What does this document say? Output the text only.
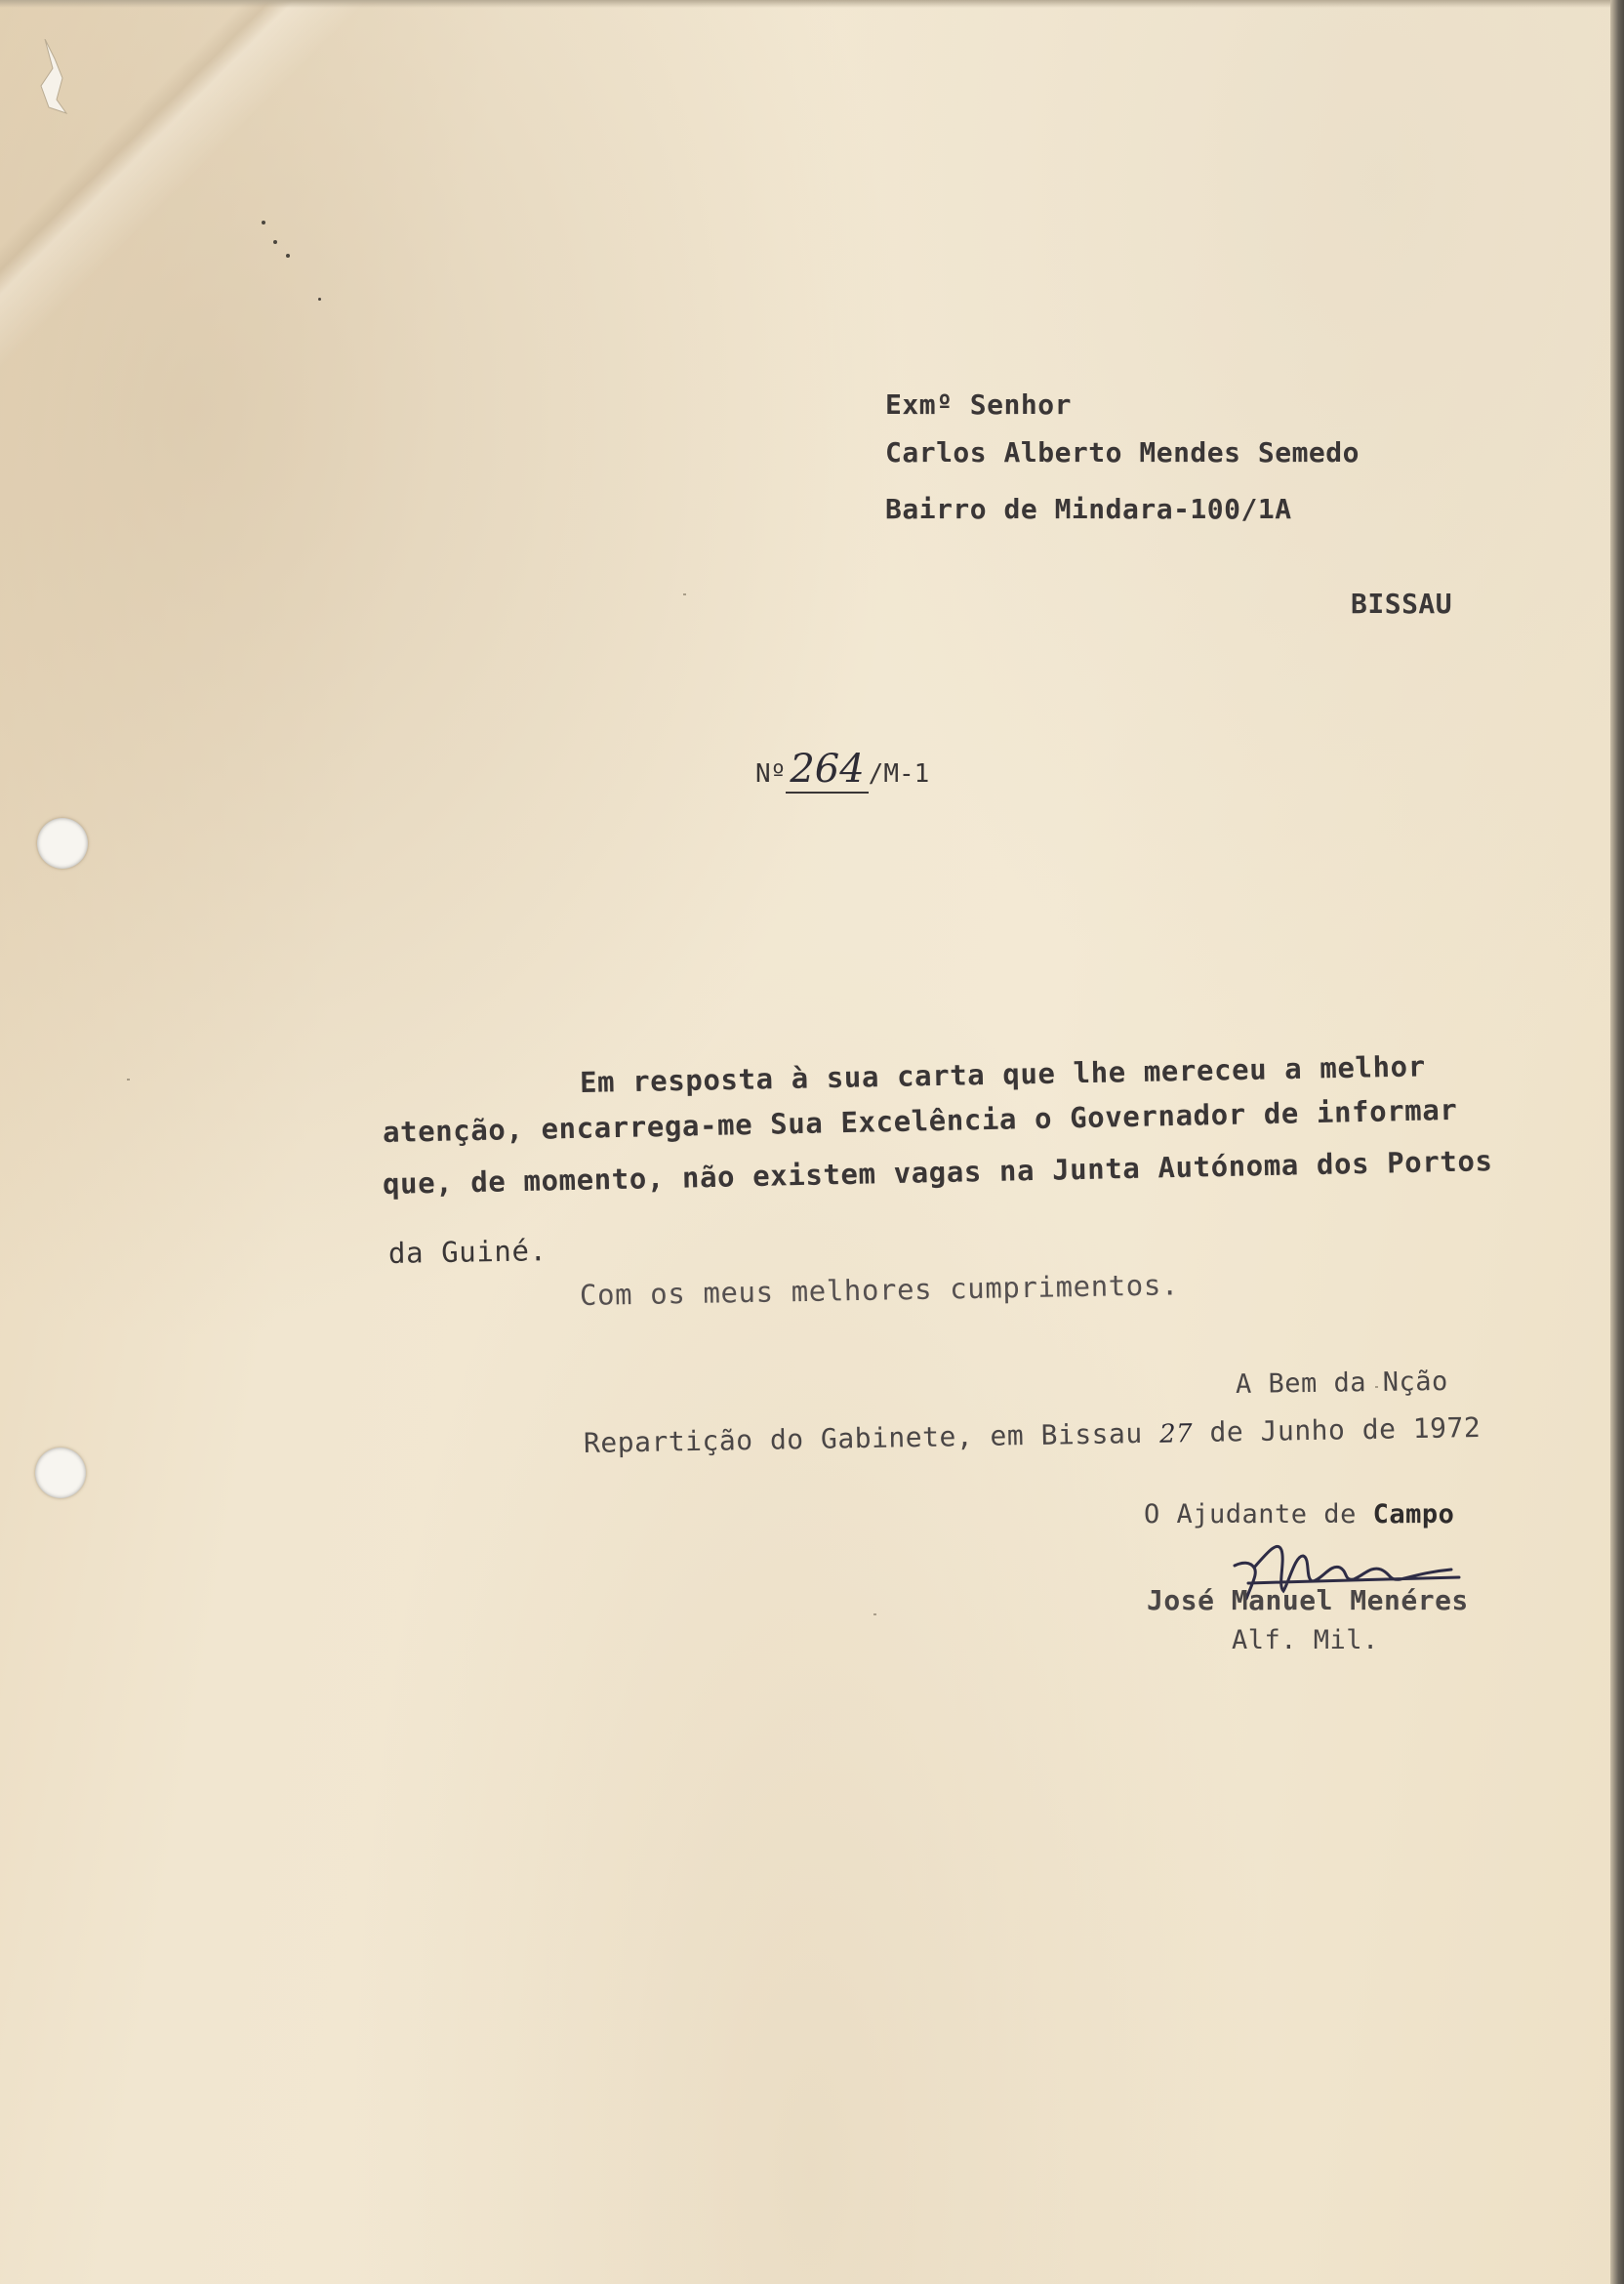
Exmº Senhor

Carlos Alberto Mendes Semedo

Bairro de Mindara-100/1A

BISSAU

Nº 264 /M-1

Em resposta à sua carta que lhe mereceu a melhor

atenção, encarrega-me Sua Excelência o Governador de informar

que, de momento, não existem vagas na Junta Autónoma dos Portos

da Guiné.

Com os meus melhores cumprimentos.

A Bem da Nção

Repartição do Gabinete, em Bissau 27 de Junho de 1972

O Ajudante de Campo

José Manuel Menéres

Alf. Mil.
